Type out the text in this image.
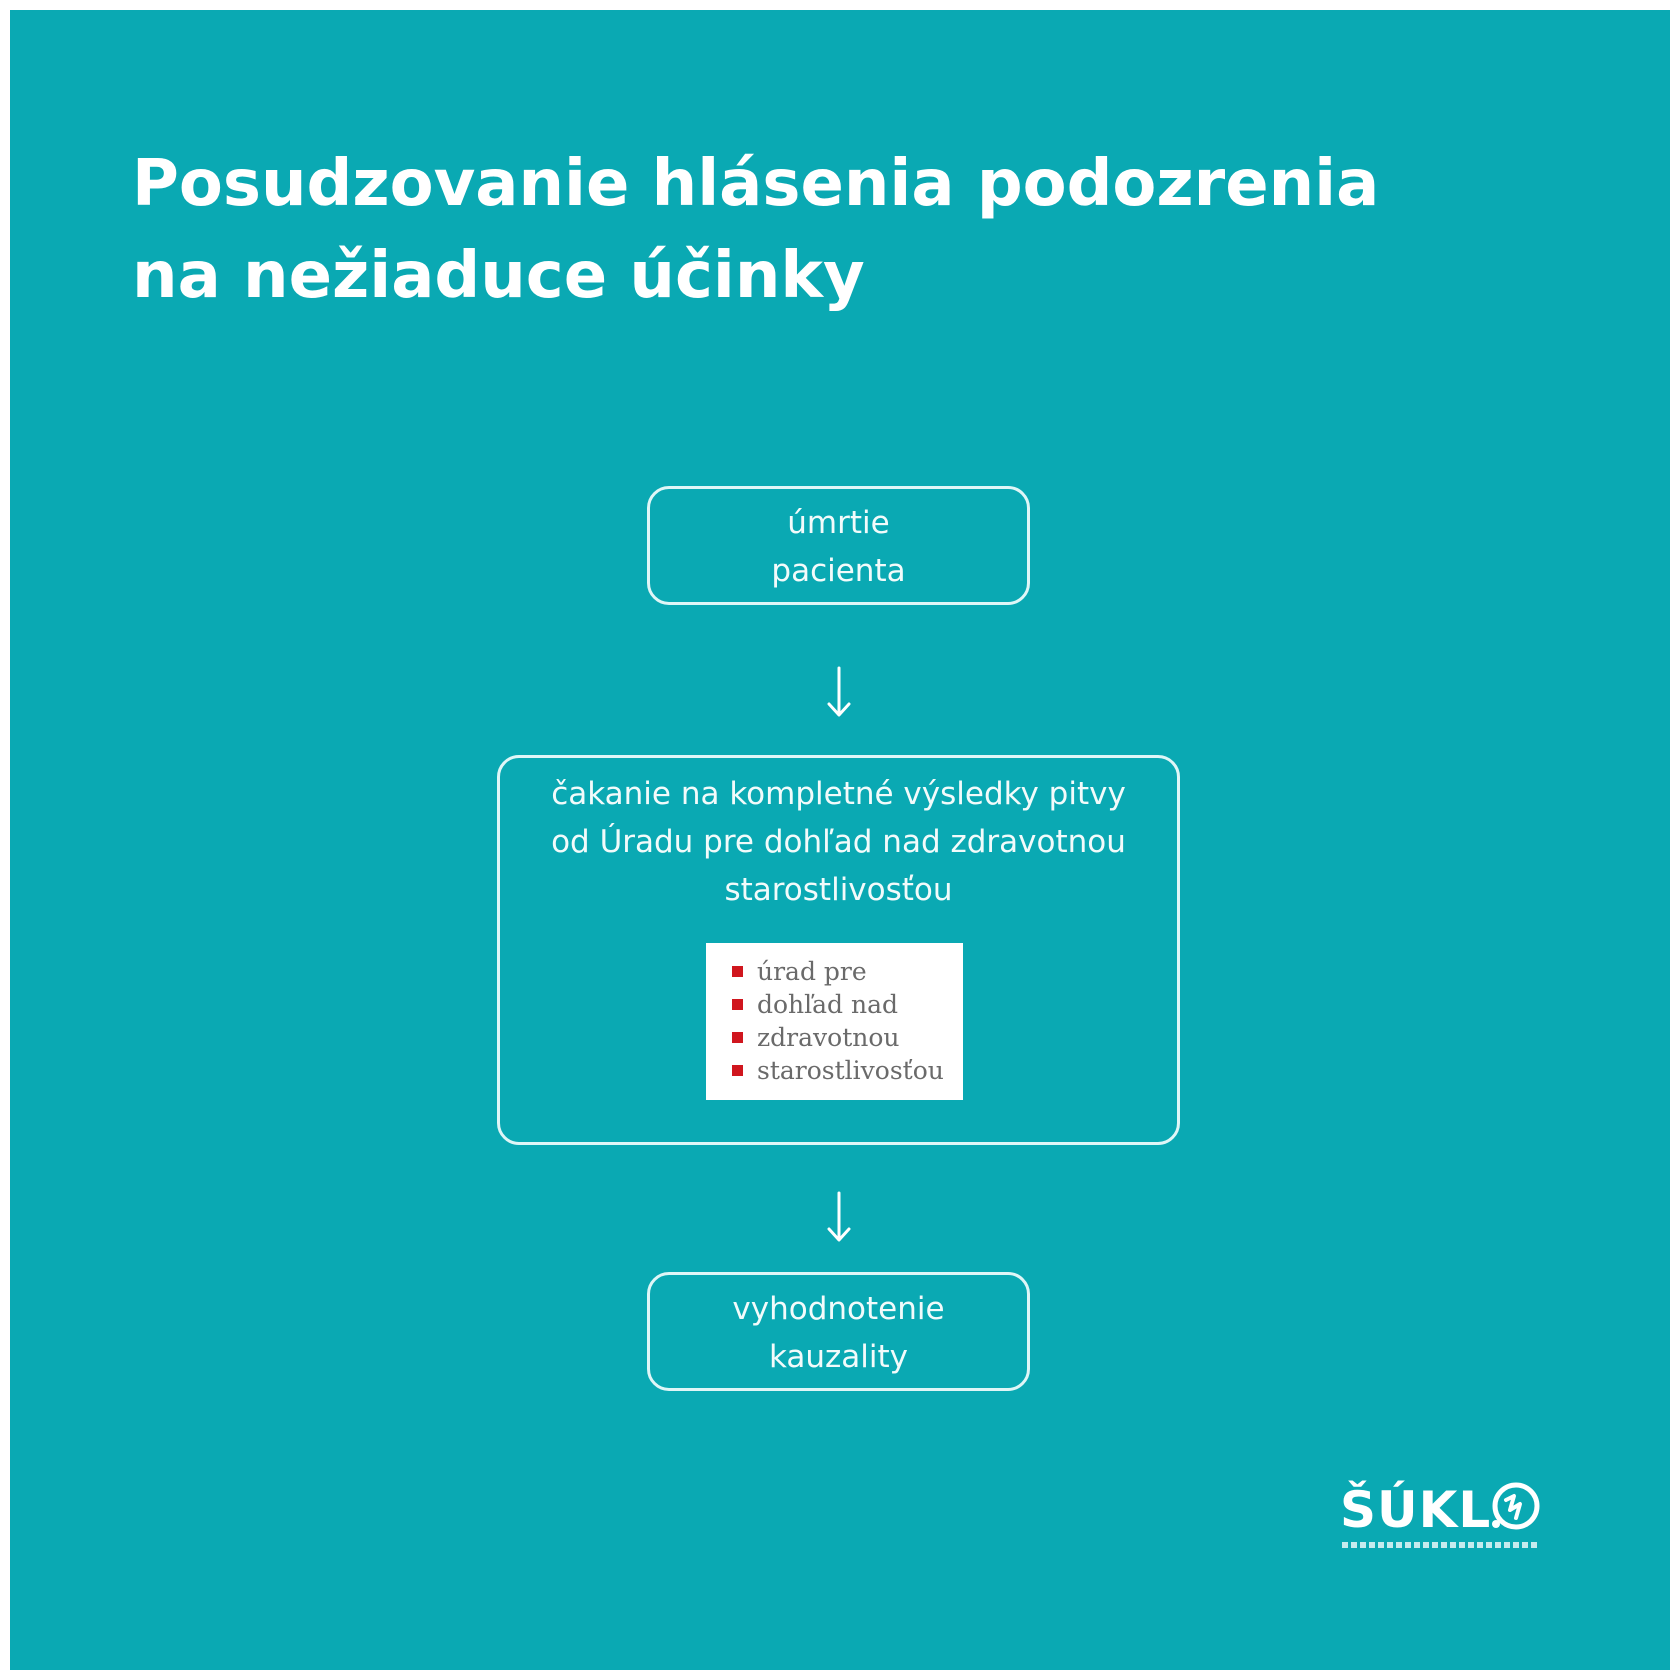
Posudzovanie hlásenia podozrenia
na nežiaduce účinky
úmrtie
pacienta
čakanie na kompletné výsledky pitvy
od Úradu pre dohľad nad zdravotnou
starostlivosťou
úrad pre
dohľad nad
zdravotnou
starostlivosťou
vyhodnotenie
kauzality
ŠÚKL
